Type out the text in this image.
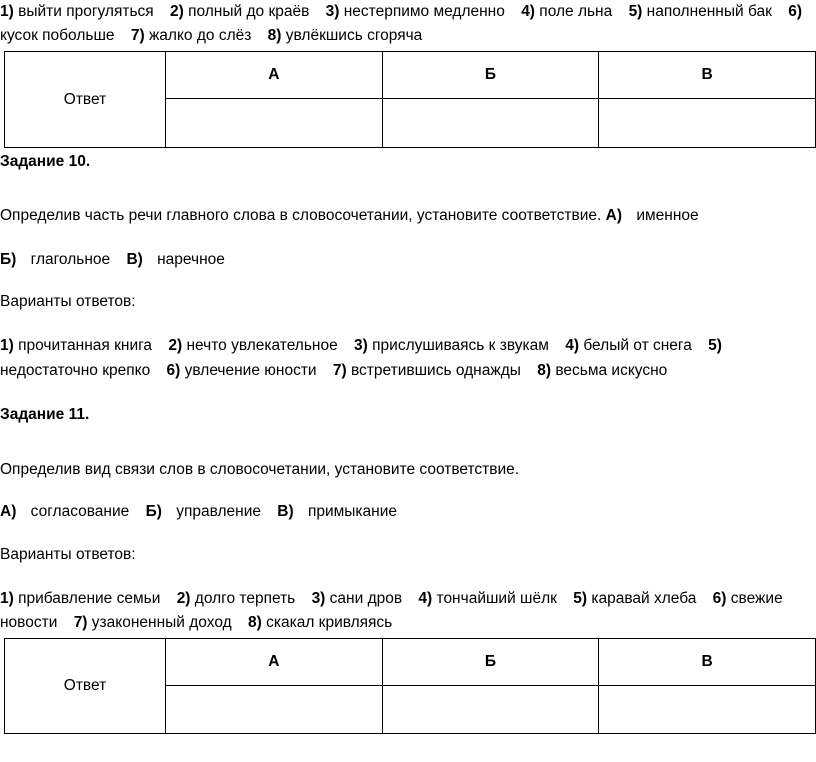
1) выйти прогуляться 2) полный до краёв 3) нестерпимо медленно 4) поле льна 5) наполненный бак 6)
кусок побольше 7) жалко до слёз 8) увлёкшись сгоряча
Ответ	А	Б	В

Задание 10.
Определив часть речи главного слова в словосочетании, установите соответствие. А) именное
Б) глагольное В) наречное
Варианты ответов:
1) прочитанная книга 2) нечто увлекательное 3) прислушиваясь к звукам 4) белый от снега 5)
недостаточно крепко 6) увлечение юности 7) встретившись однажды 8) весьма искусно
Задание 11.
Определив вид связи слов в словосочетании, установите соответствие.
А) согласование Б) управление В) примыкание
Варианты ответов:
1) прибавление семьи 2) долго терпеть 3) сани дров 4) тончайший шёлк 5) каравай хлеба 6) свежие
новости 7) узаконенный доход 8) скакал кривляясь
Ответ	А	Б	В
